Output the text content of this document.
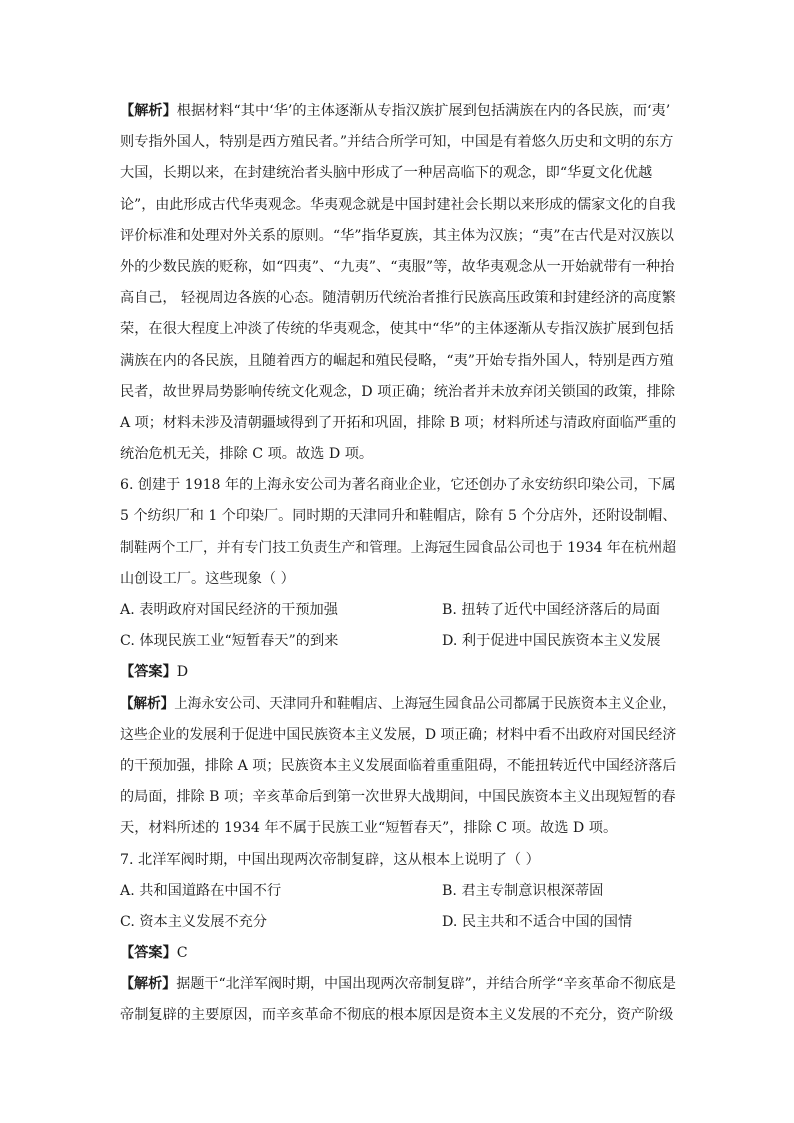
【解析】根据材料“其中‘华’的主体逐渐从专指汉族扩展到包括满族在内的各民族，而‘夷’
则专指外国人，特别是西方殖民者。”并结合所学可知，中国是有着悠久历史和文明的东方
大国，长期以来，在封建统治者头脑中形成了一种居高临下的观念，即“华夏文化优越
论”，由此形成古代华夷观念。华夷观念就是中国封建社会长期以来形成的儒家文化的自我
评价标准和处理对外关系的原则。“华”指华夏族，其主体为汉族；“夷”在古代是对汉族以
外的少数民族的贬称，如“四夷”、“九夷”、“夷服”等，故华夷观念从一开始就带有一种抬
高自己， 轻视周边各族的心态。随清朝历代统治者推行民族高压政策和封建经济的高度繁
荣，在很大程度上冲淡了传统的华夷观念，使其中“华”的主体逐渐从专指汉族扩展到包括
满族在内的各民族，且随着西方的崛起和殖民侵略，“夷”开始专指外国人，特别是西方殖
民者，故世界局势影响传统文化观念，D 项正确；统治者并未放弃闭关锁国的政策，排除
A 项；材料未涉及清朝疆域得到了开拓和巩固，排除 B 项；材料所述与清政府面临严重的
统治危机无关，排除 C 项。故选 D 项。
6. 创建于 1918 年的上海永安公司为著名商业企业，它还创办了永安纺织印染公司，下属
5 个纺织厂和 1 个印染厂。同时期的天津同升和鞋帽店，除有 5 个分店外，还附设制帽、
制鞋两个工厂，并有专门技工负责生产和管理。上海冠生园食品公司也于 1934 年在杭州超
山创设工厂。这些现象（ ）
A. 表明政府对国民经济的干预加强	B. 扭转了近代中国经济落后的局面
C. 体现民族工业“短暂春天”的到来	D. 利于促进中国民族资本主义发展
【答案】D
【解析】上海永安公司、天津同升和鞋帽店、上海冠生园食品公司都属于民族资本主义企业，
这些企业的发展利于促进中国民族资本主义发展，D 项正确；材料中看不出政府对国民经济
的干预加强，排除 A 项；民族资本主义发展面临着重重阻碍，不能扭转近代中国经济落后
的局面，排除 B 项；辛亥革命后到第一次世界大战期间，中国民族资本主义出现短暂的春
天，材料所述的 1934 年不属于民族工业“短暂春天”，排除 C 项。故选 D 项。
7. 北洋军阀时期，中国出现两次帝制复辟，这从根本上说明了（ ）
A. 共和国道路在中国不行	B. 君主专制意识根深蒂固
C. 资本主义发展不充分	D. 民主共和不适合中国的国情
【答案】C
【解析】据题干“北洋军阀时期，中国出现两次帝制复辟”，并结合所学“辛亥革命不彻底是
帝制复辟的主要原因，而辛亥革命不彻底的根本原因是资本主义发展的不充分，资产阶级
